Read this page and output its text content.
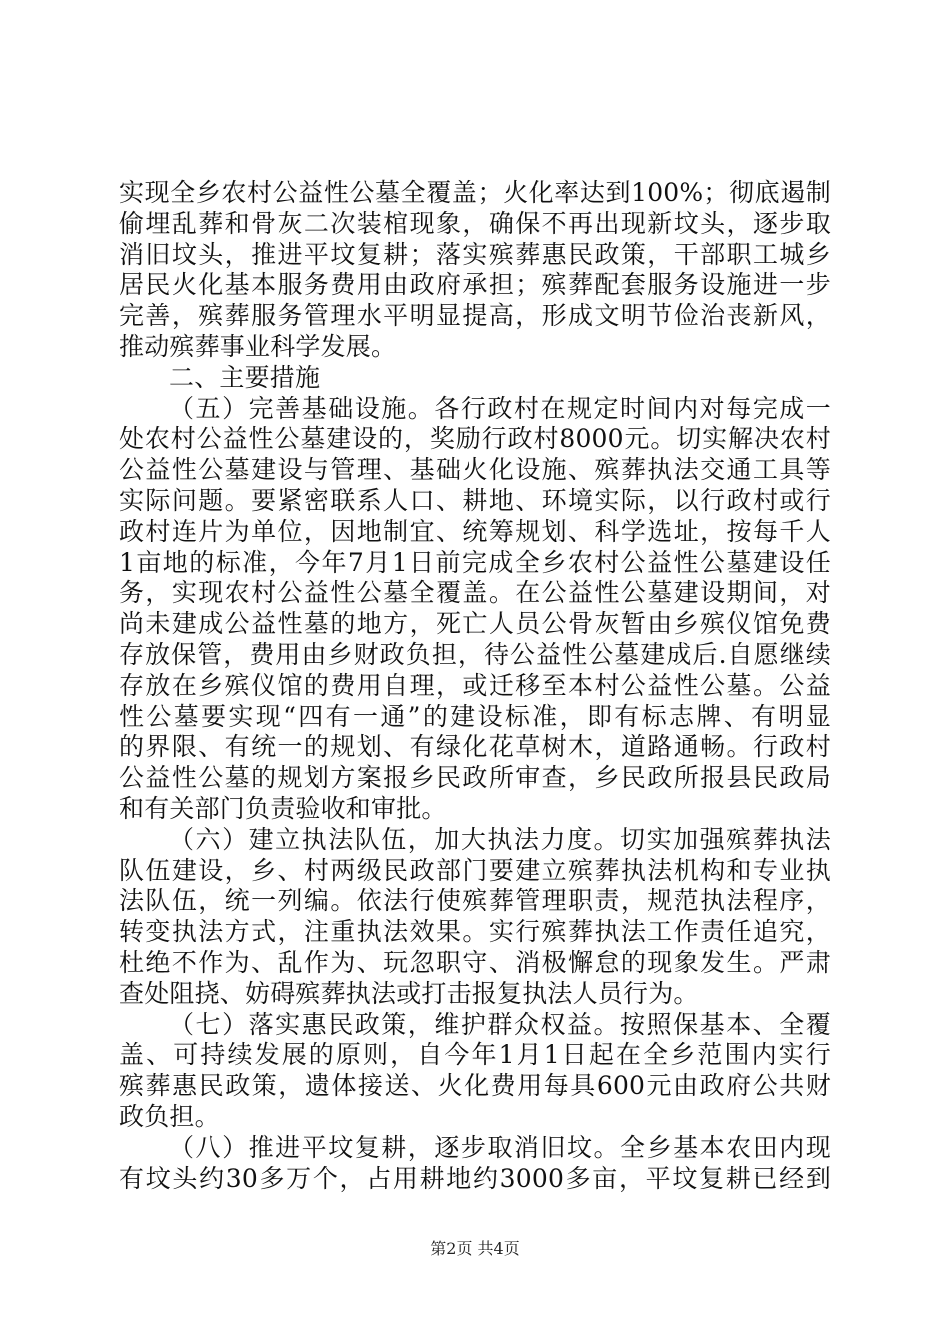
实现全乡农村公益性公墓全覆盖；火化率达到100%；彻底遏制
偷埋乱葬和骨灰二次装棺现象，确保不再出现新坟头，逐步取
消旧坟头，推进平坟复耕；落实殡葬惠民政策，干部职工城乡
居民火化基本服务费用由政府承担；殡葬配套服务设施进一步
完善，殡葬服务管理水平明显提高，形成文明节俭治丧新风，
推动殡葬事业科学发展。
二、主要措施
（五）完善基础设施。各行政村在规定时间内对每完成一
处农村公益性公墓建设的，奖励行政村8000元。切实解决农村
公益性公墓建设与管理、基础火化设施、殡葬执法交通工具等
实际问题。要紧密联系人口、耕地、环境实际，以行政村或行
政村连片为单位，因地制宜、统筹规划、科学选址，按每千人
1亩地的标准，今年7月1日前完成全乡农村公益性公墓建设任
务，实现农村公益性公墓全覆盖。在公益性公墓建设期间，对
尚未建成公益性墓的地方，死亡人员公骨灰暂由乡殡仪馆免费
存放保管，费用由乡财政负担，待公益性公墓建成后.自愿继续
存放在乡殡仪馆的费用自理，或迁移至本村公益性公墓。公益
性公墓要实现“四有一通”的建设标准，即有标志牌、有明显
的界限、有统一的规划、有绿化花草树木，道路通畅。行政村
公益性公墓的规划方案报乡民政所审查，乡民政所报县民政局
和有关部门负责验收和审批。
（六）建立执法队伍，加大执法力度。切实加强殡葬执法
队伍建设，乡、村两级民政部门要建立殡葬执法机构和专业执
法队伍，统一列编。依法行使殡葬管理职责，规范执法程序，
转变执法方式，注重执法效果。实行殡葬执法工作责任追究，
杜绝不作为、乱作为、玩忽职守、消极懈怠的现象发生。严肃
查处阻挠、妨碍殡葬执法或打击报复执法人员行为。
（七）落实惠民政策，维护群众权益。按照保基本、全覆
盖、可持续发展的原则，自今年1月1日起在全乡范围内实行
殡葬惠民政策，遗体接送、火化费用每具600元由政府公共财
政负担。
（八）推进平坟复耕，逐步取消旧坟。全乡基本农田内现
有坟头约30多万个，占用耕地约3000多亩，平坟复耕已经到
第2页 共4页
